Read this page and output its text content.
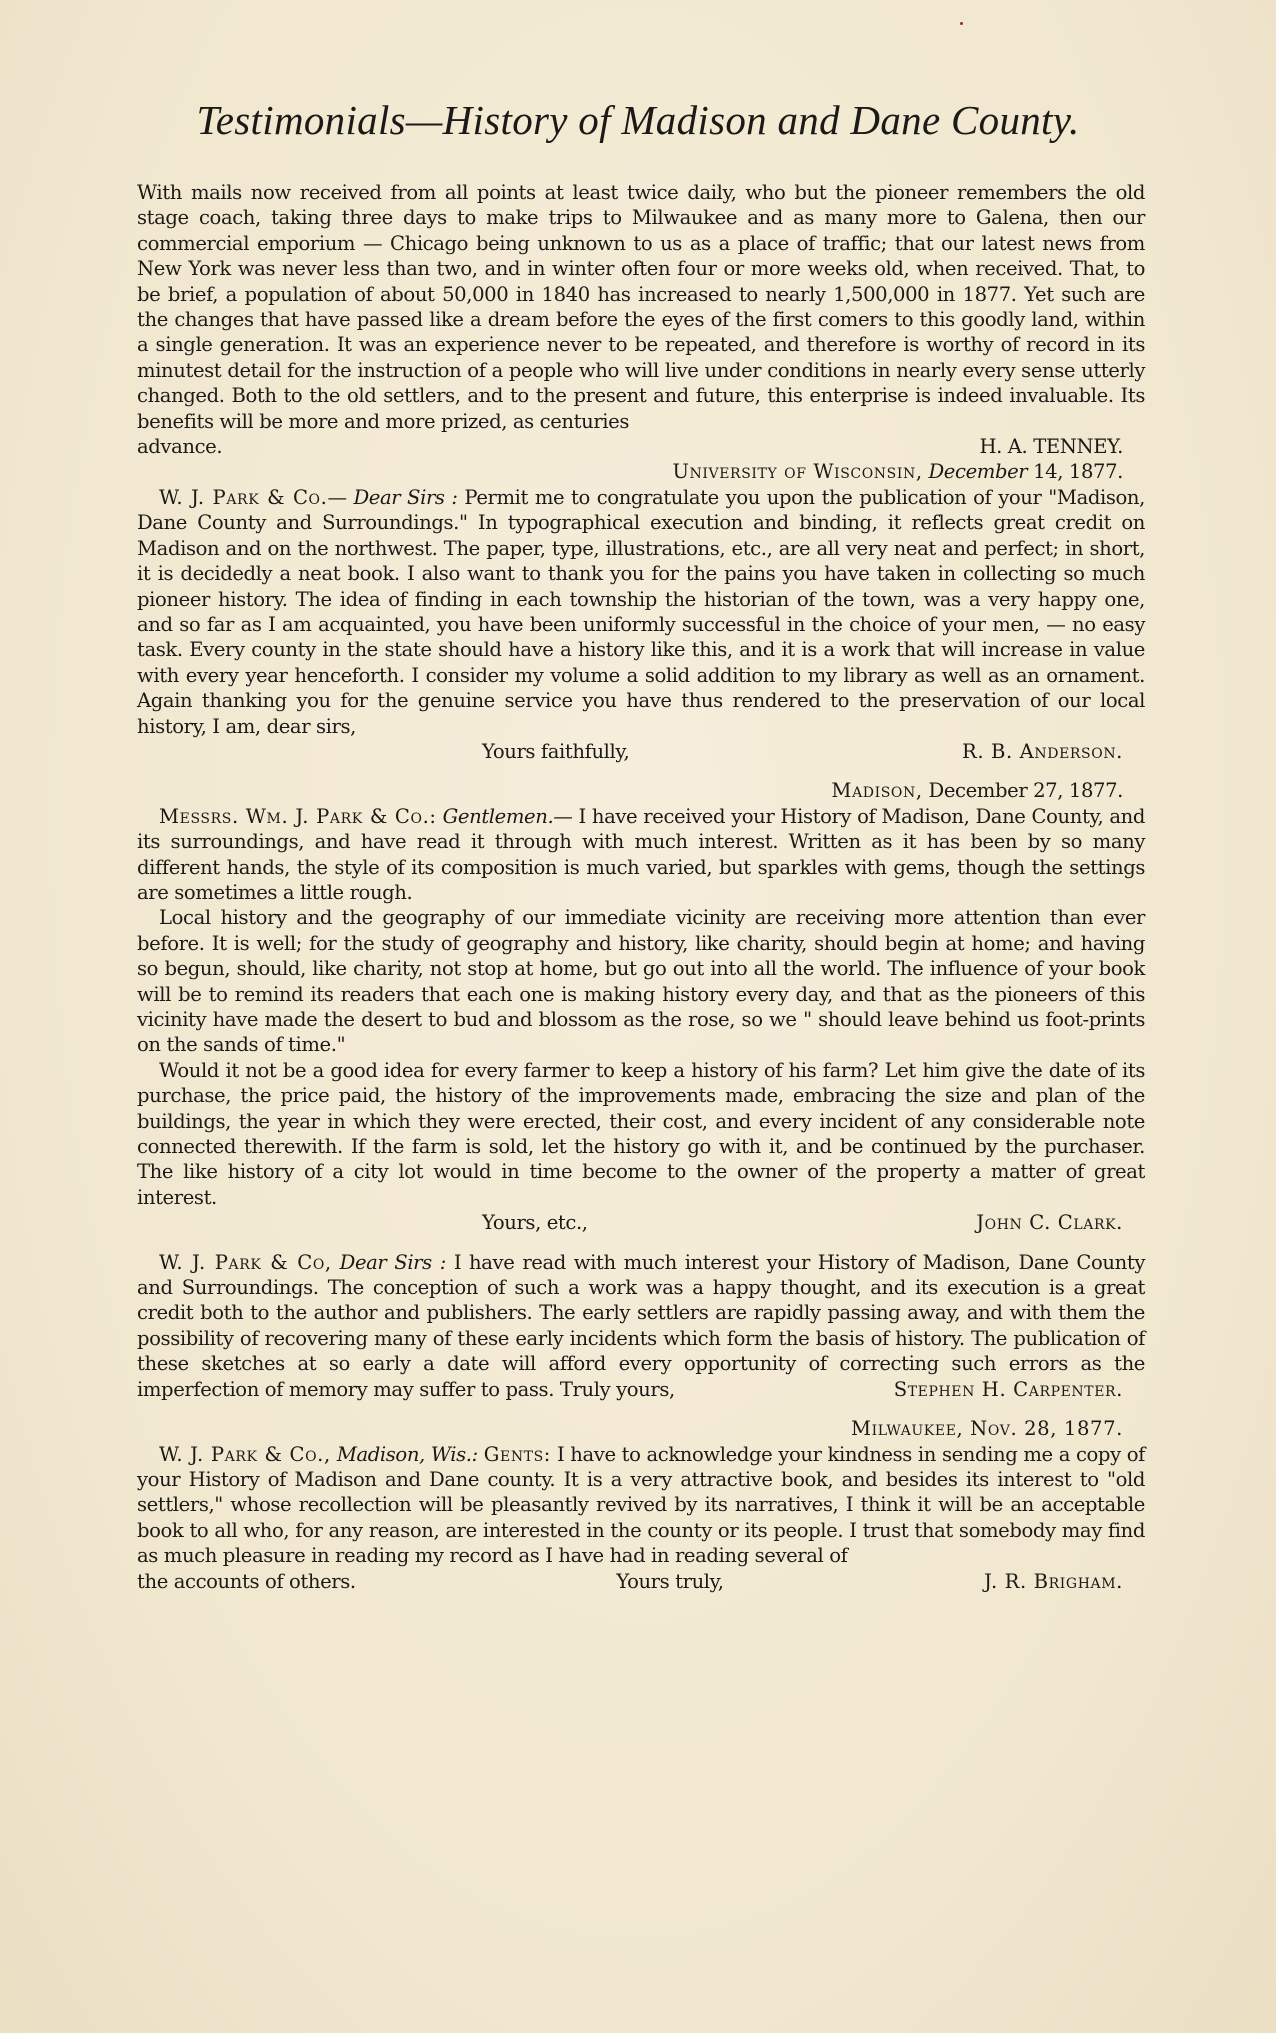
Testimonials—History of Madison and Dane County.

With mails now received from all points at least twice daily, who but the pioneer remembers the old stage coach, taking three days to make trips to Milwaukee and as many more to Galena, then our commercial emporium — Chicago being unknown to us as a place of traffic; that our latest news from New York was never less than two, and in winter often four or more weeks old, when received. That, to be brief, a population of about 50,000 in 1840 has increased to nearly 1,500,000 in 1877. Yet such are the changes that have passed like a dream before the eyes of the first comers to this goodly land, within a single generation. It was an experience never to be repeated, and therefore is worthy of record in its minutest detail for the instruction of a people who will live under conditions in nearly every sense utterly changed. Both to the old settlers, and to the present and future, this enterprise is indeed invaluable. Its benefits will be more and more prized, as centuries

advance.	H. A. TENNEY.

University of Wisconsin, December 14, 1877.

W. J. Park & Co.— Dear Sirs : Permit me to congratulate you upon the publication of your "Madison, Dane County and Surroundings." In typographical execution and binding, it reflects great credit on Madison and on the northwest. The paper, type, illustrations, etc., are all very neat and perfect; in short, it is decidedly a neat book. I also want to thank you for the pains you have taken in collecting so much pioneer history. The idea of finding in each township the historian of the town, was a very happy one, and so far as I am acquainted, you have been uniformly successful in the choice of your men, — no easy task. Every county in the state should have a history like this, and it is a work that will increase in value with every year henceforth. I consider my volume a solid addition to my library as well as an ornament. Again thanking you for the genuine service you have thus rendered to the preservation of our local history, I am, dear sirs,

Yours faithfully,	R. B. Anderson.

Madison, December 27, 1877.

Messrs. Wm. J. Park & Co.: Gentlemen.— I have received your History of Madison, Dane County, and its surroundings, and have read it through with much interest. Written as it has been by so many different hands, the style of its composition is much varied, but sparkles with gems, though the settings are sometimes a little rough.

Local history and the geography of our immediate vicinity are receiving more attention than ever before. It is well; for the study of geography and history, like charity, should begin at home; and having so begun, should, like charity, not stop at home, but go out into all the world. The influence of your book will be to remind its readers that each one is making history every day, and that as the pioneers of this vicinity have made the desert to bud and blossom as the rose, so we " should leave behind us foot-prints on the sands of time."

Would it not be a good idea for every farmer to keep a history of his farm? Let him give the date of its purchase, the price paid, the history of the improvements made, embracing the size and plan of the buildings, the year in which they were erected, their cost, and every incident of any considerable note connected therewith. If the farm is sold, let the history go with it, and be continued by the purchaser. The like history of a city lot would in time become to the owner of the property a matter of great interest.

Yours, etc.,	John C. Clark.

W. J. Park & Co, Dear Sirs : I have read with much interest your History of Madison, Dane County and Surroundings. The conception of such a work was a happy thought, and its execution is a great credit both to the author and publishers. The early settlers are rapidly passing away, and with them the possibility of recovering many of these early incidents which form the basis of history. The publication of these sketches at so early a date will afford every opportunity of correcting such errors as the imperfection of memory may suffer to pass. Truly yours,	Stephen H. Carpenter.

Milwaukee, Nov. 28, 1877.

W. J. Park & Co., Madison, Wis.: Gents: I have to acknowledge your kindness in sending me a copy of your History of Madison and Dane county. It is a very attractive book, and besides its interest to "old settlers," whose recollection will be pleasantly revived by its narratives, I think it will be an acceptable book to all who, for any reason, are interested in the county or its people. I trust that somebody may find as much pleasure in reading my record as I have had in reading several of

the accounts of others.	Yours truly,	J. R. Brigham.
